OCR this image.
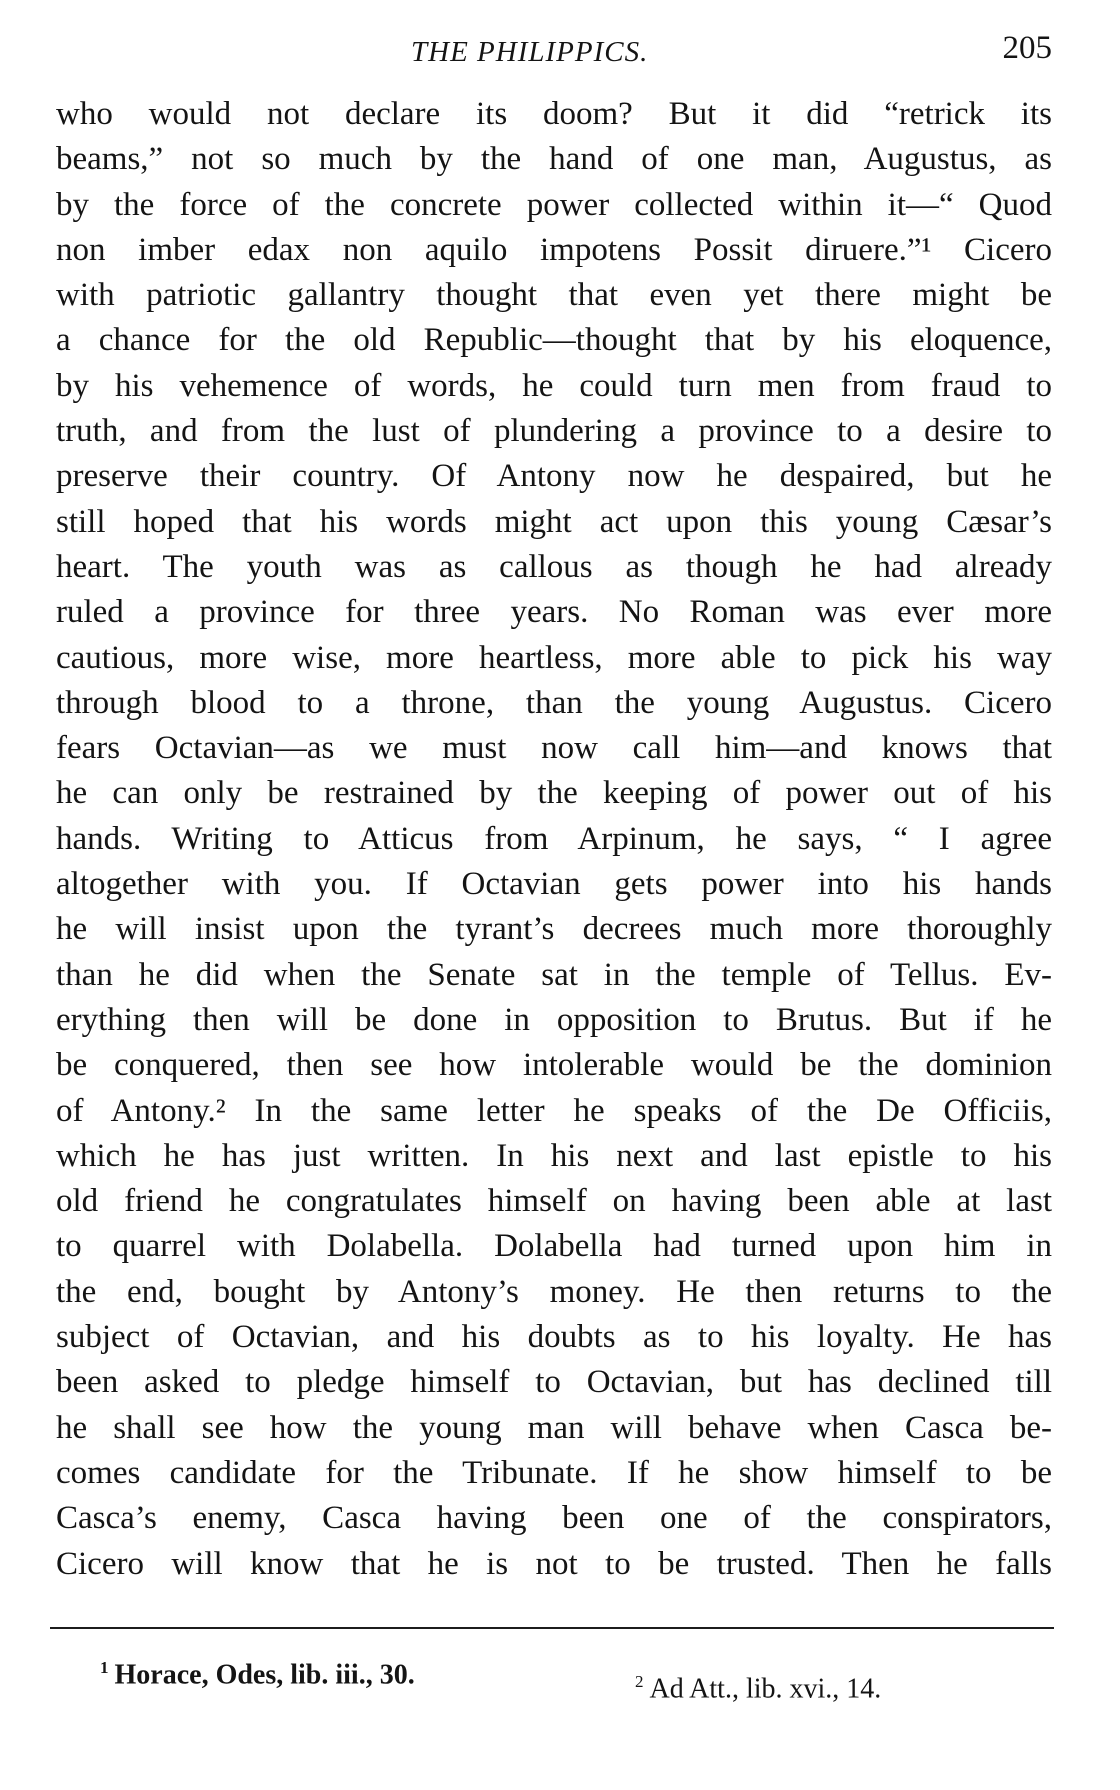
THE PHILIPPICS.	205
who would not declare its doom? But it did “retrick its
beams,” not so much by the hand of one man, Augustus, as
by the force of the concrete power collected within it—“ Quod
non imber edax non aquilo impotens Possit diruere.”¹ Cicero
with patriotic gallantry thought that even yet there might be
a chance for the old Republic—thought that by his eloquence,
by his vehemence of words, he could turn men from fraud to
truth, and from the lust of plundering a province to a desire to
preserve their country. Of Antony now he despaired, but he
still hoped that his words might act upon this young Cæsar’s
heart. The youth was as callous as though he had already
ruled a province for three years. No Roman was ever more
cautious, more wise, more heartless, more able to pick his way
through blood to a throne, than the young Augustus. Cicero
fears Octavian—as we must now call him—and knows that
he can only be restrained by the keeping of power out of his
hands. Writing to Atticus from Arpinum, he says, “ I agree
altogether with you. If Octavian gets power into his hands
he will insist upon the tyrant’s decrees much more thoroughly
than he did when the Senate sat in the temple of Tellus. Ev-
erything then will be done in opposition to Brutus. But if he
be conquered, then see how intolerable would be the dominion
of Antony.² In the same letter he speaks of the De Officiis,
which he has just written. In his next and last epistle to his
old friend he congratulates himself on having been able at last
to quarrel with Dolabella. Dolabella had turned upon him in
the end, bought by Antony’s money. He then returns to the
subject of Octavian, and his doubts as to his loyalty. He has
been asked to pledge himself to Octavian, but has declined till
he shall see how the young man will behave when Casca be-
comes candidate for the Tribunate. If he show himself to be
Casca’s enemy, Casca having been one of the conspirators,
Cicero will know that he is not to be trusted. Then he falls
$^1$ Horace, Odes, lib. iii., 30.	$^2$ Ad Att., lib. xvi., 14.
